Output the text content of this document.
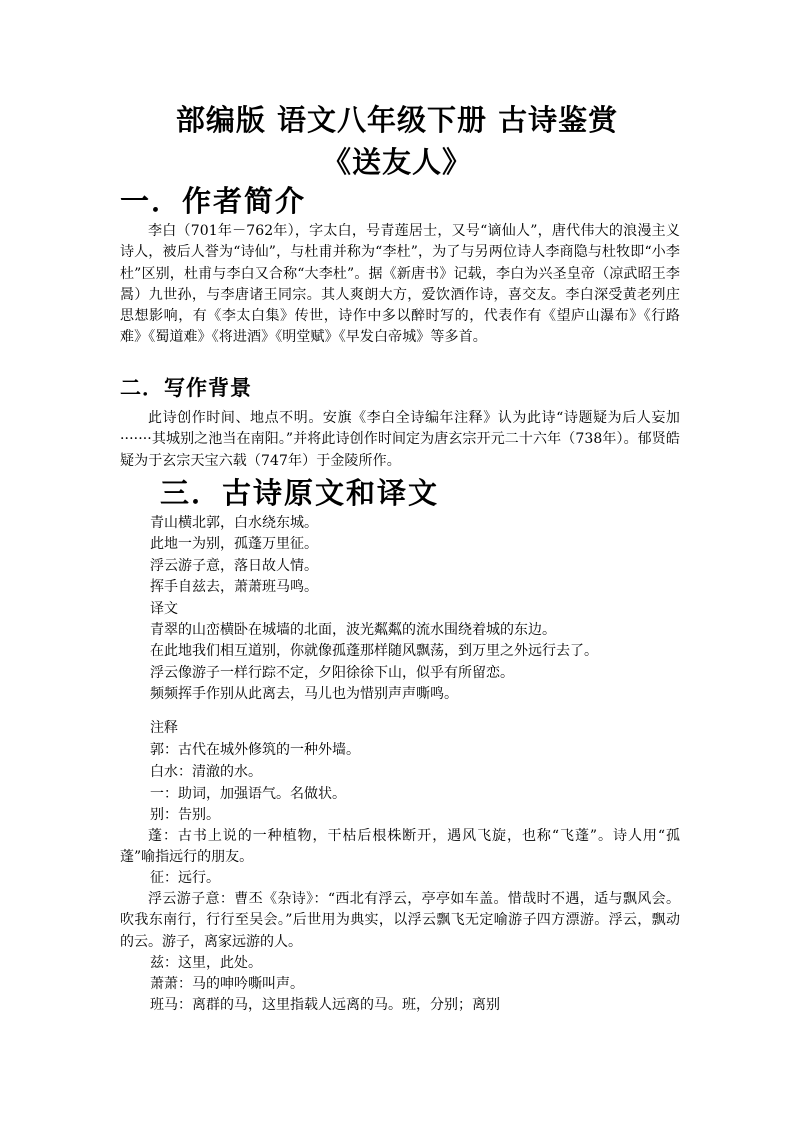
部编版 语文八年级下册 古诗鉴赏
《送友人》
一．作者简介
李白（701年－762年），字太白，号青莲居士，又号“谪仙人”，唐代伟大的浪漫主义诗人，被后人誉为“诗仙”，与杜甫并称为“李杜”，为了与另两位诗人李商隐与杜牧即“小李杜”区别，杜甫与李白又合称“大李杜”。据《新唐书》记载，李白为兴圣皇帝（凉武昭王李暠）九世孙，与李唐诸王同宗。其人爽朗大方，爱饮酒作诗，喜交友。李白深受黄老列庄思想影响，有《李太白集》传世，诗作中多以醉时写的，代表作有《望庐山瀑布》《行路难》《蜀道难》《将进酒》《明堂赋》《早发白帝城》等多首。
二．写作背景
此诗创作时间、地点不明。安旗《李白全诗编年注释》认为此诗“诗题疑为后人妄加·······其城别之池当在南阳。”并将此诗创作时间定为唐玄宗开元二十六年（738年）。郁贤皓疑为于玄宗天宝六载（747年）于金陵所作。
三．古诗原文和译文
青山横北郭，白水绕东城。
此地一为别，孤蓬万里征。
浮云游子意，落日故人情。
挥手自兹去，萧萧班马鸣。
译文
青翠的山峦横卧在城墙的北面，波光粼粼的流水围绕着城的东边。
在此地我们相互道别，你就像孤蓬那样随风飘荡，到万里之外远行去了。
浮云像游子一样行踪不定，夕阳徐徐下山，似乎有所留恋。
频频挥手作别从此离去，马儿也为惜别声声嘶鸣。
注释
郭：古代在城外修筑的一种外墙。
白水：清澈的水。
一：助词，加强语气。名做状。
别：告别。
蓬：古书上说的一种植物，干枯后根株断开，遇风飞旋，也称“飞蓬”。诗人用“孤蓬”喻指远行的朋友。
征：远行。
浮云游子意：曹丕《杂诗》：“西北有浮云，亭亭如车盖。惜哉时不遇，适与飘风会。吹我东南行，行行至吴会。”后世用为典实，以浮云飘飞无定喻游子四方漂游。浮云，飘动的云。游子，离家远游的人。
兹：这里，此处。
萧萧：马的呻吟嘶叫声。
班马：离群的马，这里指载人远离的马。班，分别；离别
